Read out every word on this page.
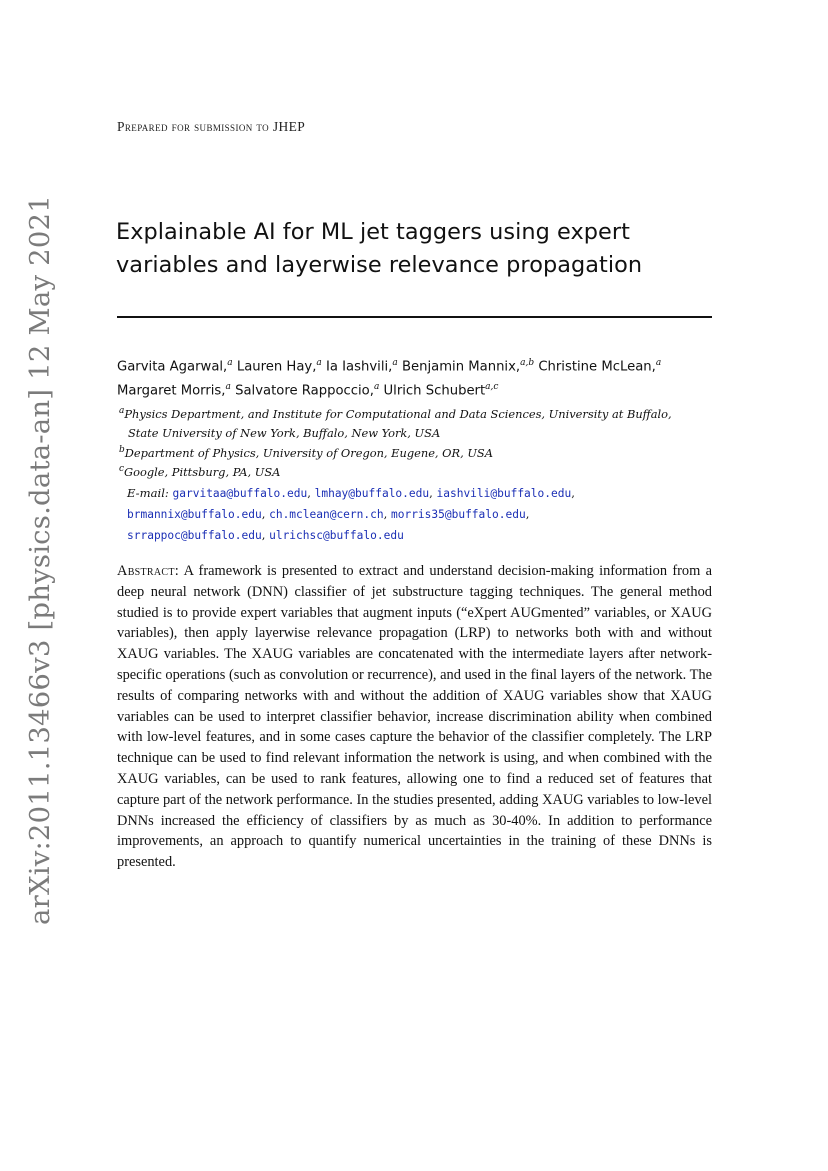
arXiv:2011.13466v3 [physics.data-an] 12 May 2021
Prepared for submission to JHEP
Explainable AI for ML jet taggers using expert
variables and layerwise relevance propagation
Garvita Agarwal,$^a$ Lauren Hay,$^a$ Ia Iashvili,$^a$ Benjamin Mannix,$^{a,b}$ Christine McLean,$^a$
Margaret Morris,$^a$ Salvatore Rappoccio,$^a$ Ulrich Schubert$^{a,c}$
$^a$Physics Department, and Institute for Computational and Data Sciences, University at Buffalo,
State University of New York, Buffalo, New York, USA
$^b$Department of Physics, University of Oregon, Eugene, OR, USA
$^c$Google, Pittsburg, PA, USA
E-mail: garvitaa@buffalo.edu, lmhay@buffalo.edu, iashvili@buffalo.edu,
brmannix@buffalo.edu, ch.mclean@cern.ch, morris35@buffalo.edu,
srrappoc@buffalo.edu, ulrichsc@buffalo.edu
Abstract: A framework is presented to extract and understand decision-making information from a deep neural network (DNN) classifier of jet substructure tagging techniques. The general method studied is to provide expert variables that augment inputs (“eXpert AUGmented” variables, or XAUG variables), then apply layerwise relevance propagation (LRP) to networks both with and without XAUG variables. The XAUG variables are concatenated with the intermediate layers after network-specific operations (such as convolution or recurrence), and used in the final layers of the network. The results of comparing networks with and without the addition of XAUG variables show that XAUG variables can be used to interpret classifier behavior, increase discrimination ability when combined with low-level features, and in some cases capture the behavior of the classifier completely. The LRP technique can be used to find relevant information the network is using, and when combined with the XAUG variables, can be used to rank features, allowing one to find a reduced set of features that capture part of the network performance. In the studies presented, adding XAUG variables to low-level DNNs increased the efficiency of classifiers by as much as 30-40%. In addition to performance improvements, an approach to quantify numerical uncertainties in the training of these DNNs is presented.
